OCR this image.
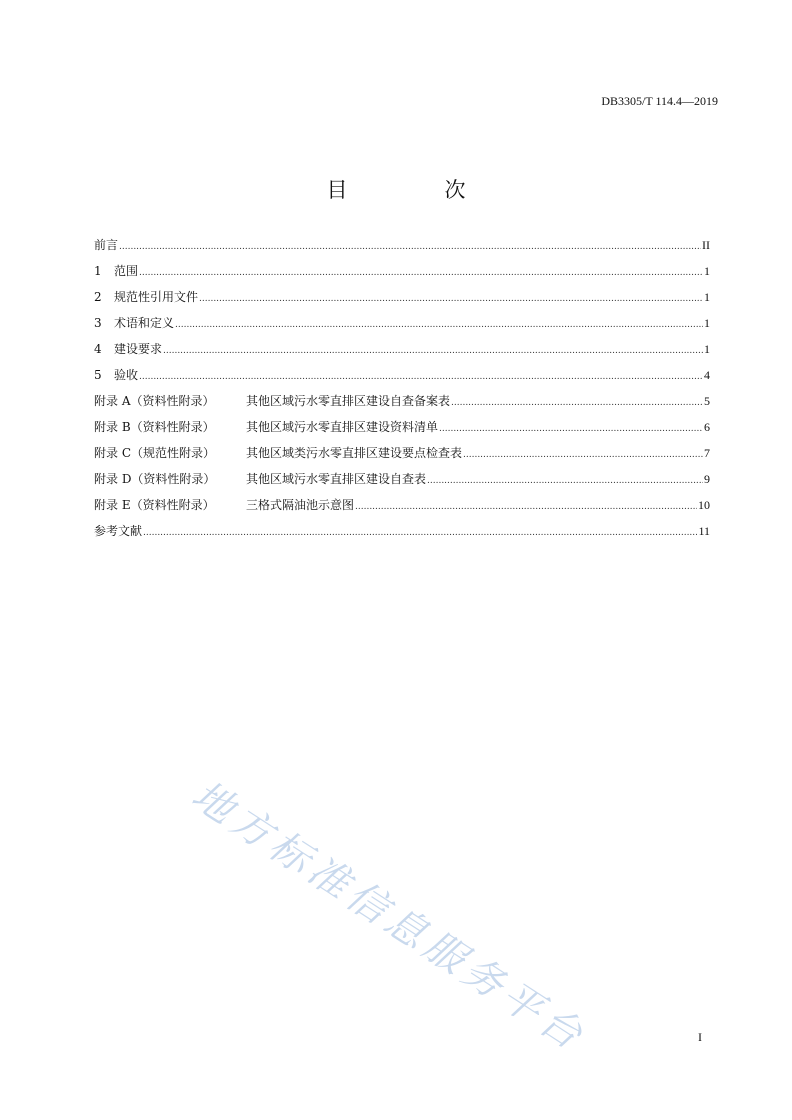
DB3305/T 114.4—2019
目　次
前言 .....	II
1	范围 .....	1
2	规范性引用文件 .....	1
3	术语和定义 .....	1
4	建设要求 .....	1
5	验收 .....	4
附录 A（资料性附录）	其他区域污水零直排区建设自查备案表 .....	5
附录 B（资料性附录）	其他区域污水零直排区建设资料清单 .....	6
附录 C（规范性附录）	其他区域类污水零直排区建设要点检查表 .....	7
附录 D（资料性附录）	其他区域污水零直排区建设自查表 .....	9
附录 E（资料性附录）	三格式隔油池示意图 .....	10
参考文献 .....	11
地方标准信息服务平台	I
